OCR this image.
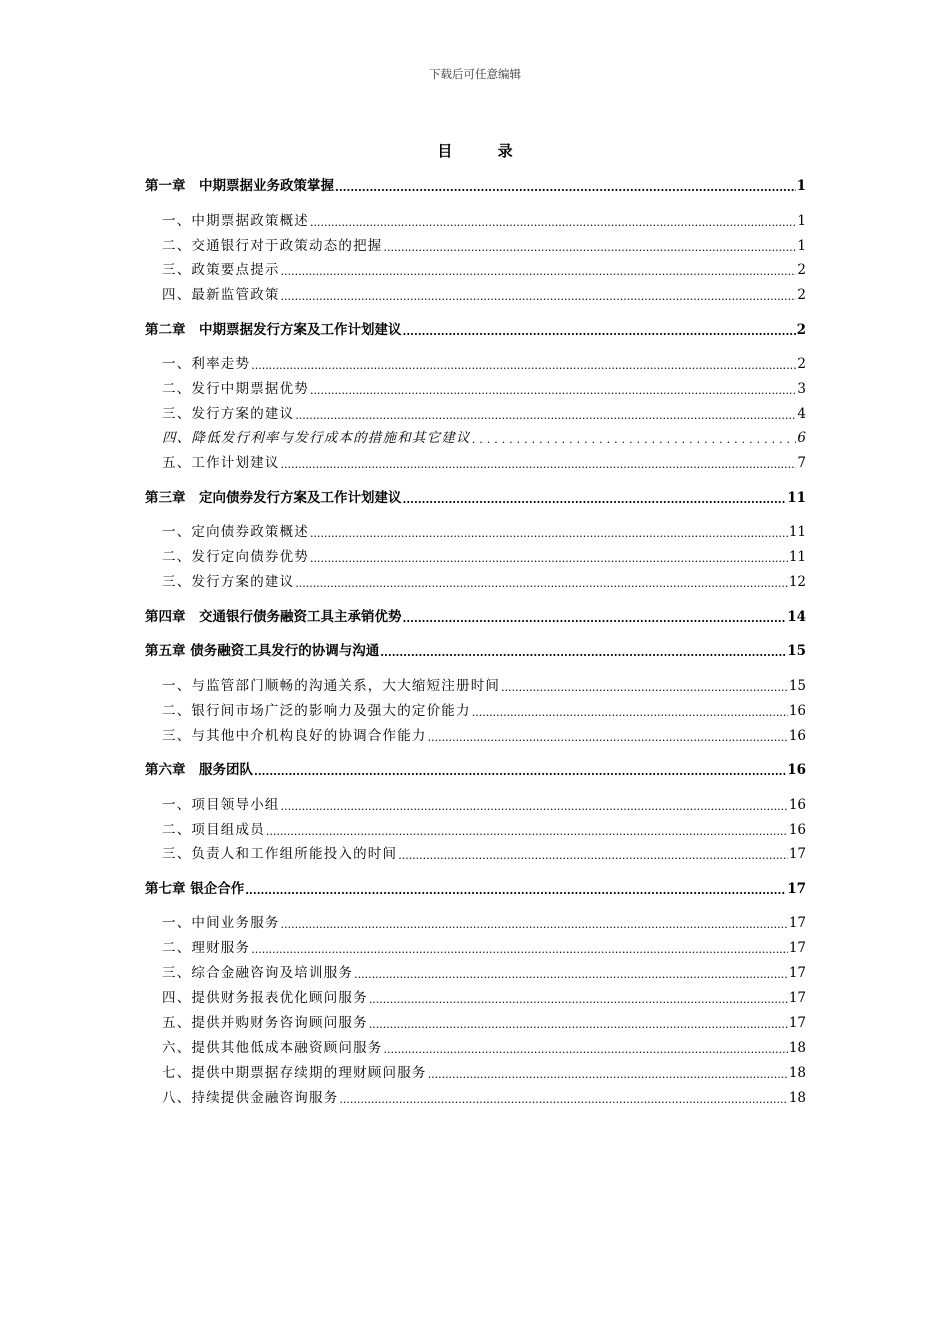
下载后可任意编辑
目 录
第一章　中期票据业务政策掌握 .....	1
一、中期票据政策概述 .....	1
二、交通银行对于政策动态的把握 .....	1
三、政策要点提示 .....	2
四、最新监管政策 .....	2
第二章　中期票据发行方案及工作计划建议 .....	2
一、利率走势 .....	2
二、发行中期票据优势 .....	3
三、发行方案的建议 .....	4
四、降低发行利率与发行成本的措施和其它建议 .....	6
五、工作计划建议 .....	7
第三章　定向债券发行方案及工作计划建议 .....	11
一、定向债券政策概述 .....	11
二、发行定向债券优势 .....	11
三、发行方案的建议 .....	12
第四章　交通银行债务融资工具主承销优势 .....	14
第五章 债务融资工具发行的协调与沟通 .....	15
一、与监管部门顺畅的沟通关系，大大缩短注册时间 .....	15
二、银行间市场广泛的影响力及强大的定价能力 .....	16
三、与其他中介机构良好的协调合作能力 .....	16
第六章　服务团队 .....	16
一、项目领导小组 .....	16
二、项目组成员 .....	16
三、负责人和工作组所能投入的时间 .....	17
第七章 银企合作 .....	17
一、中间业务服务 .....	17
二、理财服务 .....	17
三、综合金融咨询及培训服务 .....	17
四、提供财务报表优化顾问服务 .....	17
五、提供并购财务咨询顾问服务 .....	17
六、提供其他低成本融资顾问服务 .....	18
七、提供中期票据存续期的理财顾问服务 .....	18
八、持续提供金融咨询服务 .....	18
